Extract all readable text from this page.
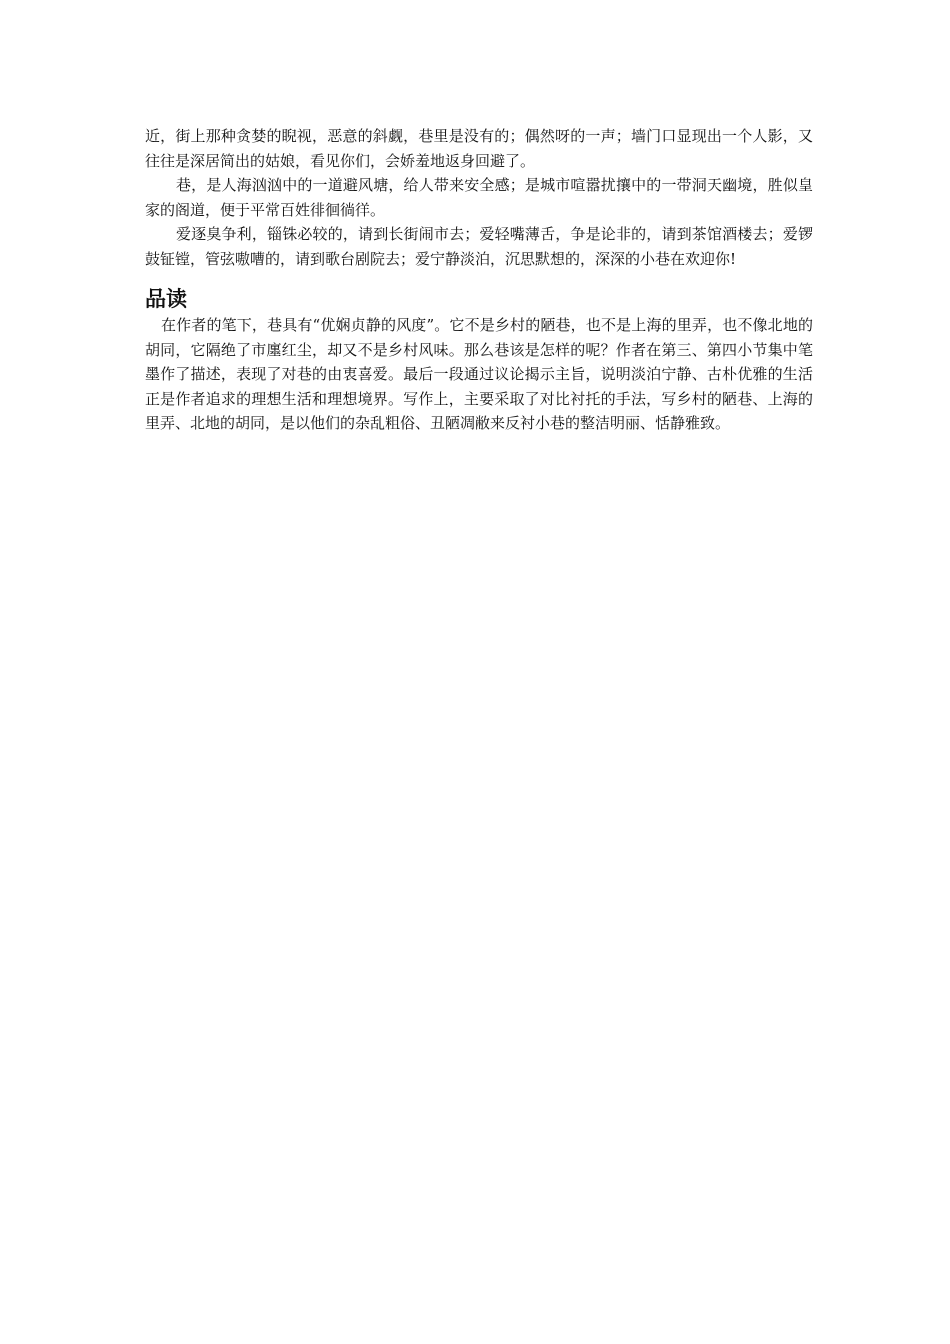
近，街上那种贪婪的睨视，恶意的斜觑，巷里是没有的；偶然呀的一声；墙门口显现出一个人影，又往往是深居简出的姑娘，看见你们，会娇羞地返身回避了。

巷，是人海汹汹中的一道避风塘，给人带来安全感；是城市喧嚣扰攘中的一带洞天幽境，胜似皇家的阁道，便于平常百姓徘徊徜徉。

爱逐臭争利，锱铢必较的，请到长街闹市去；爱轻嘴薄舌，争是论非的，请到茶馆酒楼去；爱锣鼓钲镗，管弦嗷嘈的，请到歌台剧院去；爱宁静淡泊，沉思默想的，深深的小巷在欢迎你!

品读

在作者的笔下，巷具有“优娴贞静的风度”。它不是乡村的陋巷，也不是上海的里弄，也不像北地的胡同，它隔绝了市廛红尘，却又不是乡村风味。那么巷该是怎样的呢？作者在第三、第四小节集中笔墨作了描述，表现了对巷的由衷喜爱。最后一段通过议论揭示主旨，说明淡泊宁静、古朴优雅的生活正是作者追求的理想生活和理想境界。写作上，主要采取了对比衬托的手法，写乡村的陋巷、上海的里弄、北地的胡同，是以他们的杂乱粗俗、丑陋凋敝来反衬小巷的整洁明丽、恬静雅致。
